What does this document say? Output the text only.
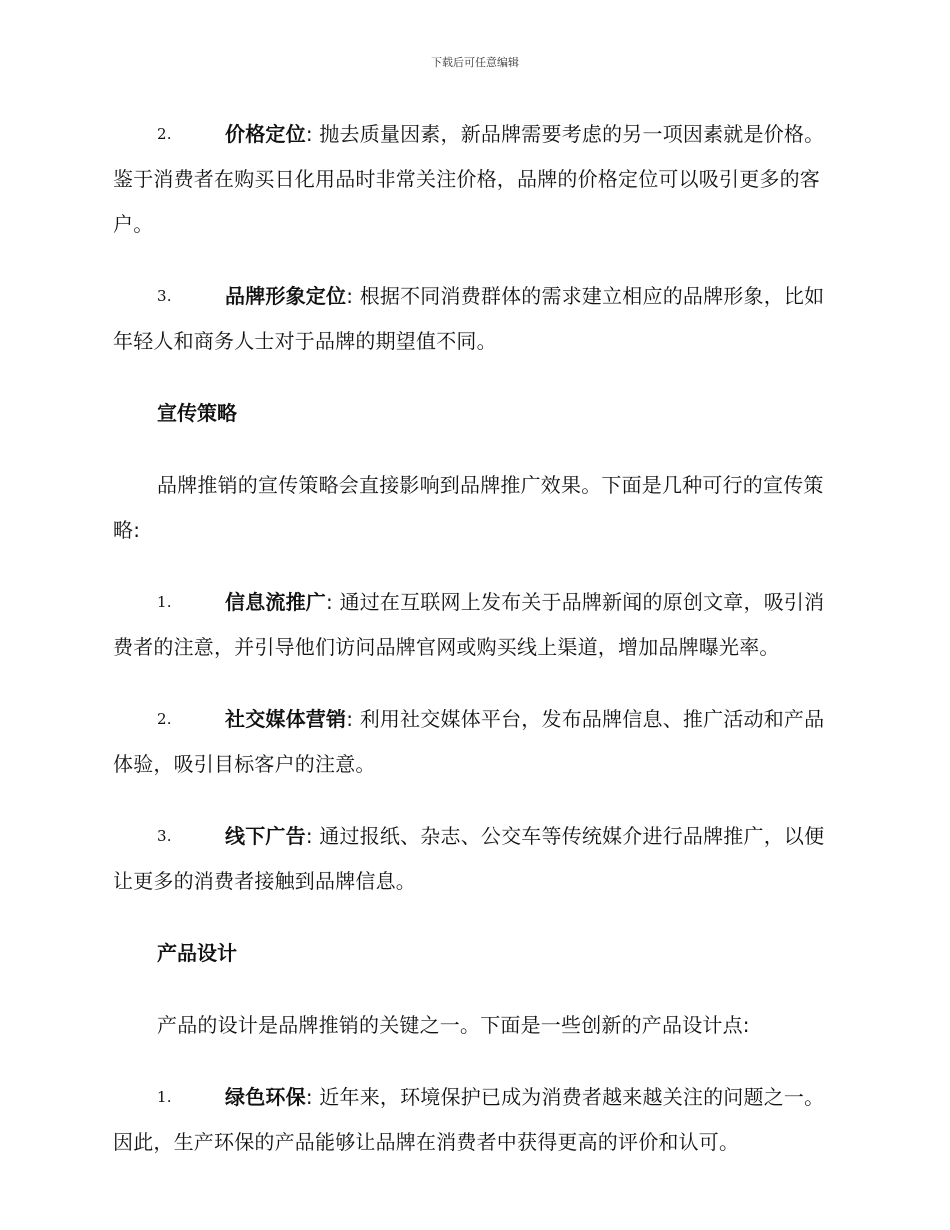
下载后可任意编辑
2.	价格定位: 抛去质量因素，新品牌需要考虑的另一项因素就是价格。鉴于消费者在购买日化用品时非常关注价格，品牌的价格定位可以吸引更多的客户。
3.	品牌形象定位: 根据不同消费群体的需求建立相应的品牌形象，比如年轻人和商务人士对于品牌的期望值不同。
宣传策略
品牌推销的宣传策略会直接影响到品牌推广效果。下面是几种可行的宣传策略:
1.	信息流推广: 通过在互联网上发布关于品牌新闻的原创文章，吸引消费者的注意，并引导他们访问品牌官网或购买线上渠道，增加品牌曝光率。
2.	社交媒体营销: 利用社交媒体平台，发布品牌信息、推广活动和产品体验，吸引目标客户的注意。
3.	线下广告: 通过报纸、杂志、公交车等传统媒介进行品牌推广，以便让更多的消费者接触到品牌信息。
产品设计
产品的设计是品牌推销的关键之一。下面是一些创新的产品设计点:
1.	绿色环保: 近年来，环境保护已成为消费者越来越关注的问题之一。因此，生产环保的产品能够让品牌在消费者中获得更高的评价和认可。
